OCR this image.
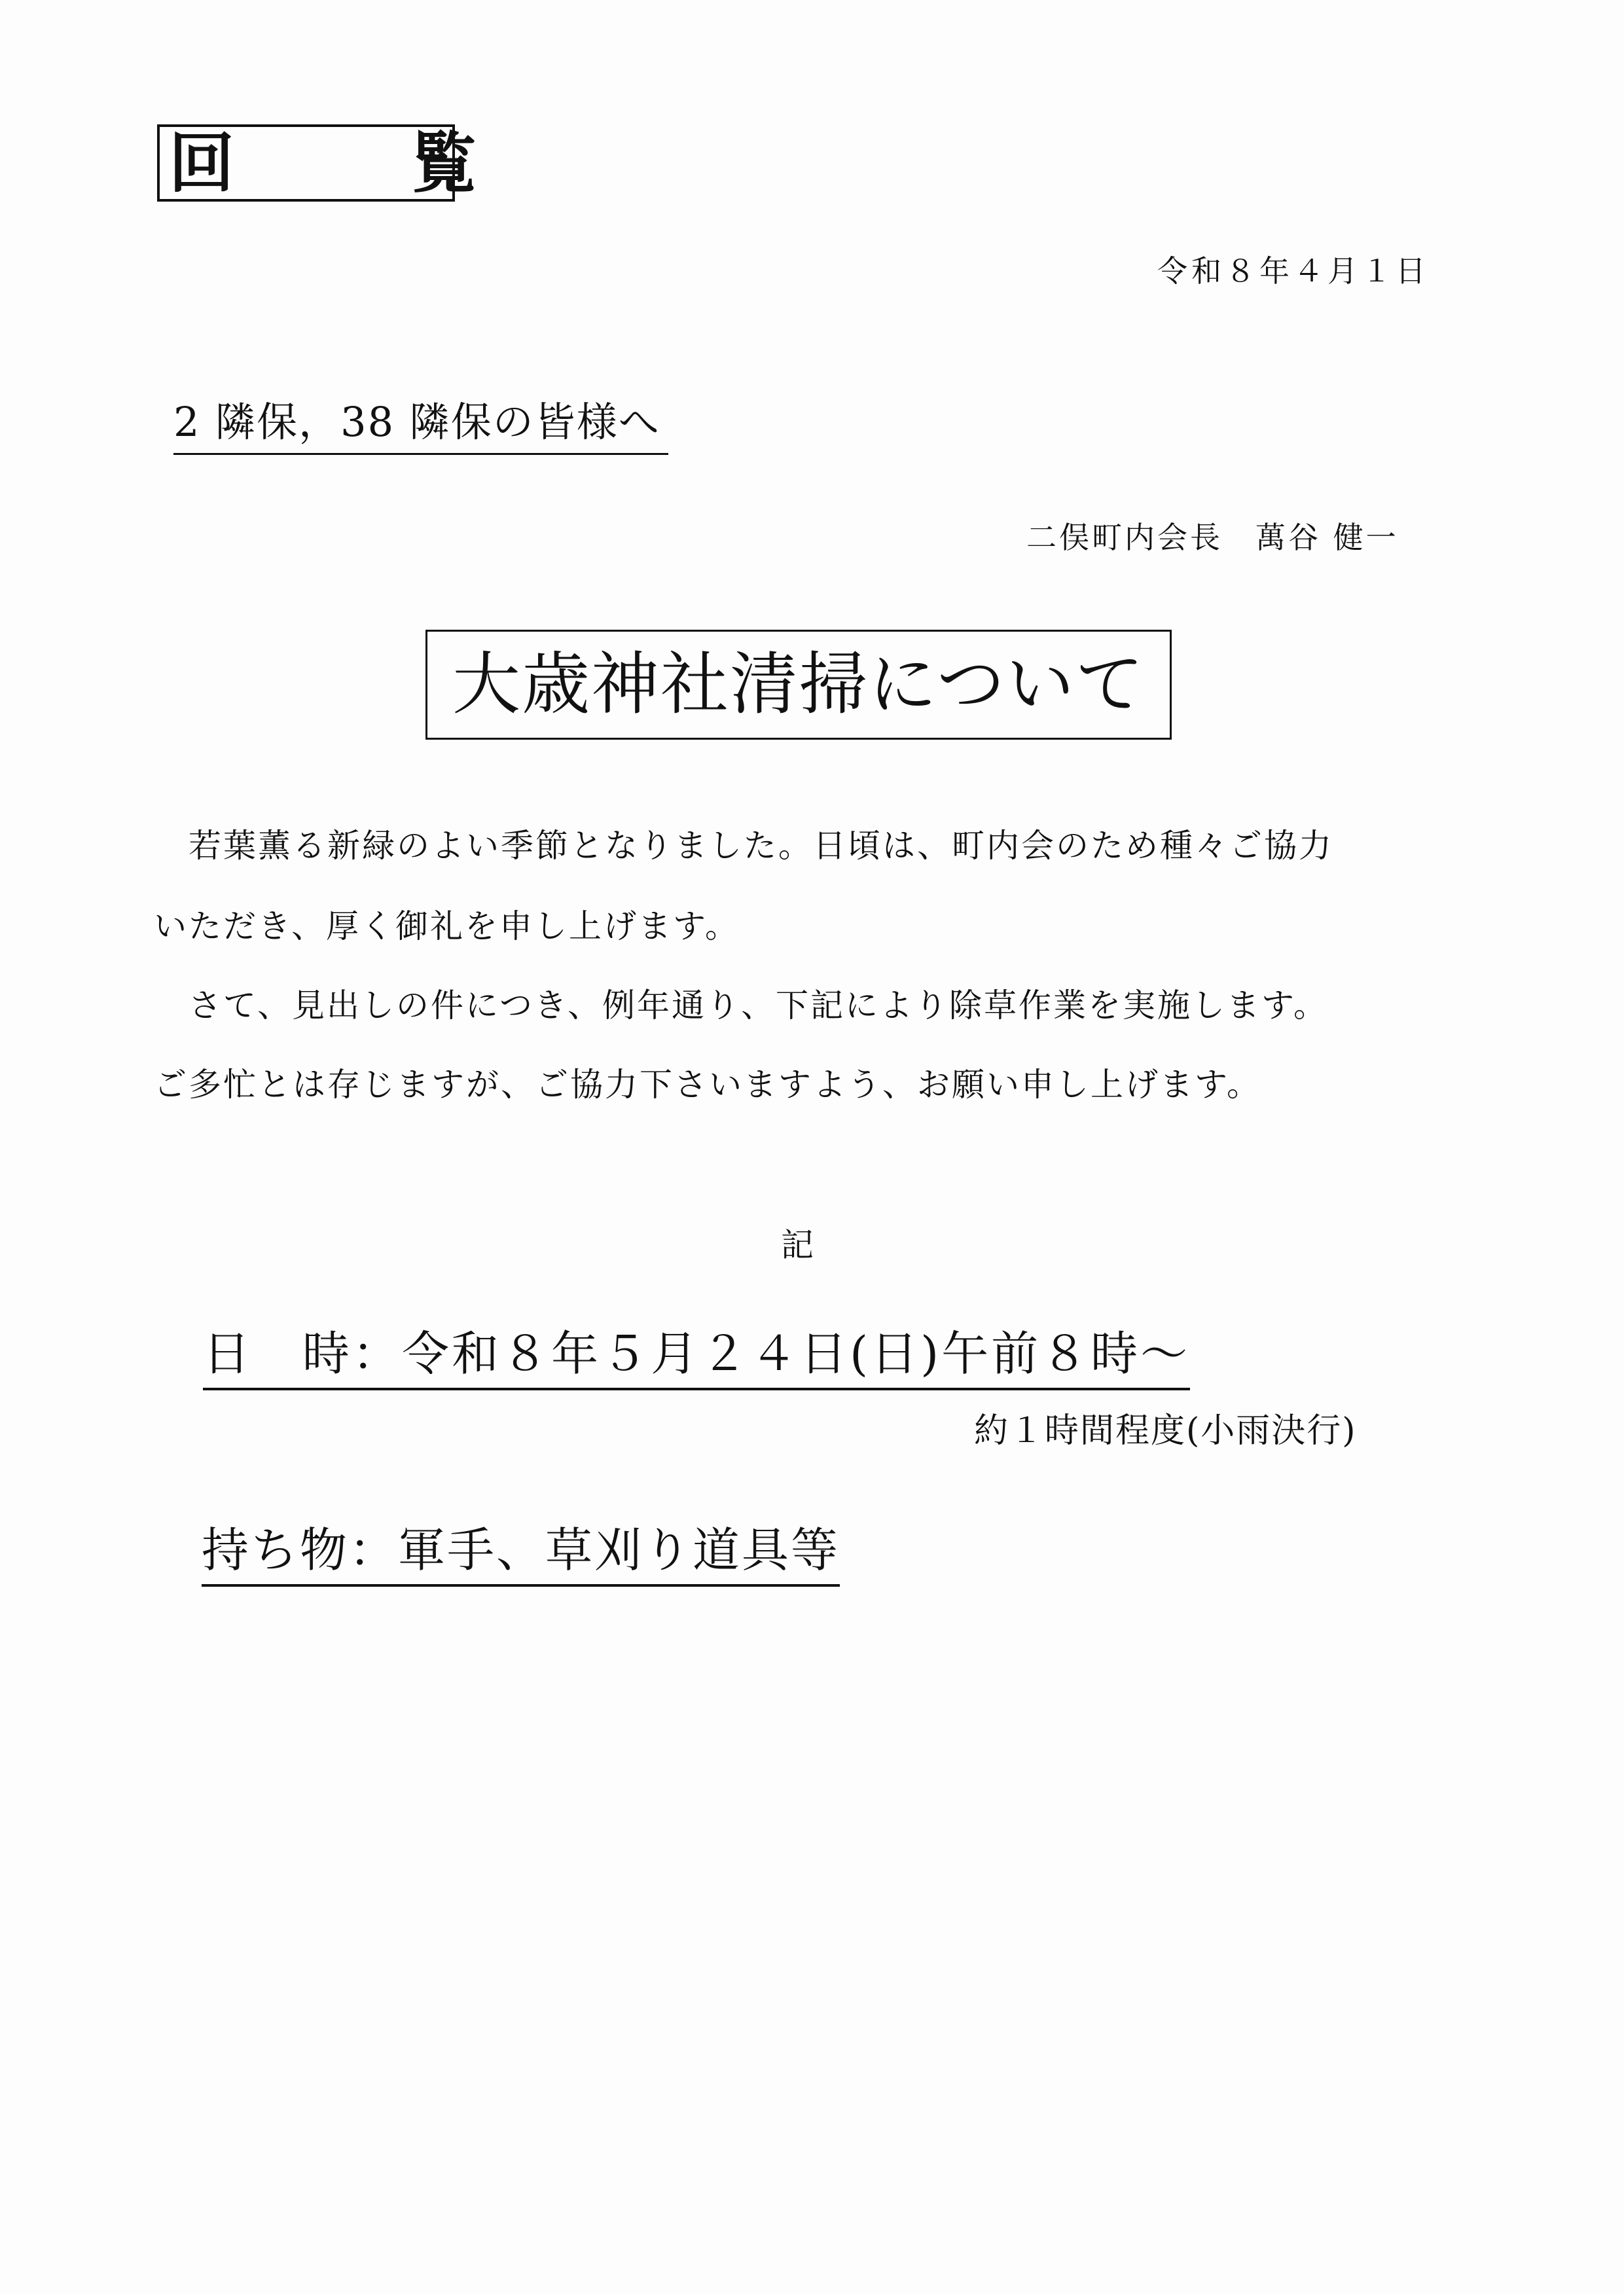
回　覧
令和８年４月１日
2 隣保，38 隣保の皆様へ
二俣町内会長　萬谷 健一
大歳神社清掃について
若葉薫る新緑のよい季節となりました。日頃は、町内会のため種々ご協力
いただき、厚く御礼を申し上げます。
さて、見出しの件につき、例年通り、下記により除草作業を実施します。
ご多忙とは存じますが、ご協力下さいますよう、お願い申し上げます。
記
日　時：令和８年５月２４日(日)午前８時～
約１時間程度(小雨決行)
持ち物：軍手、草刈り道具等
